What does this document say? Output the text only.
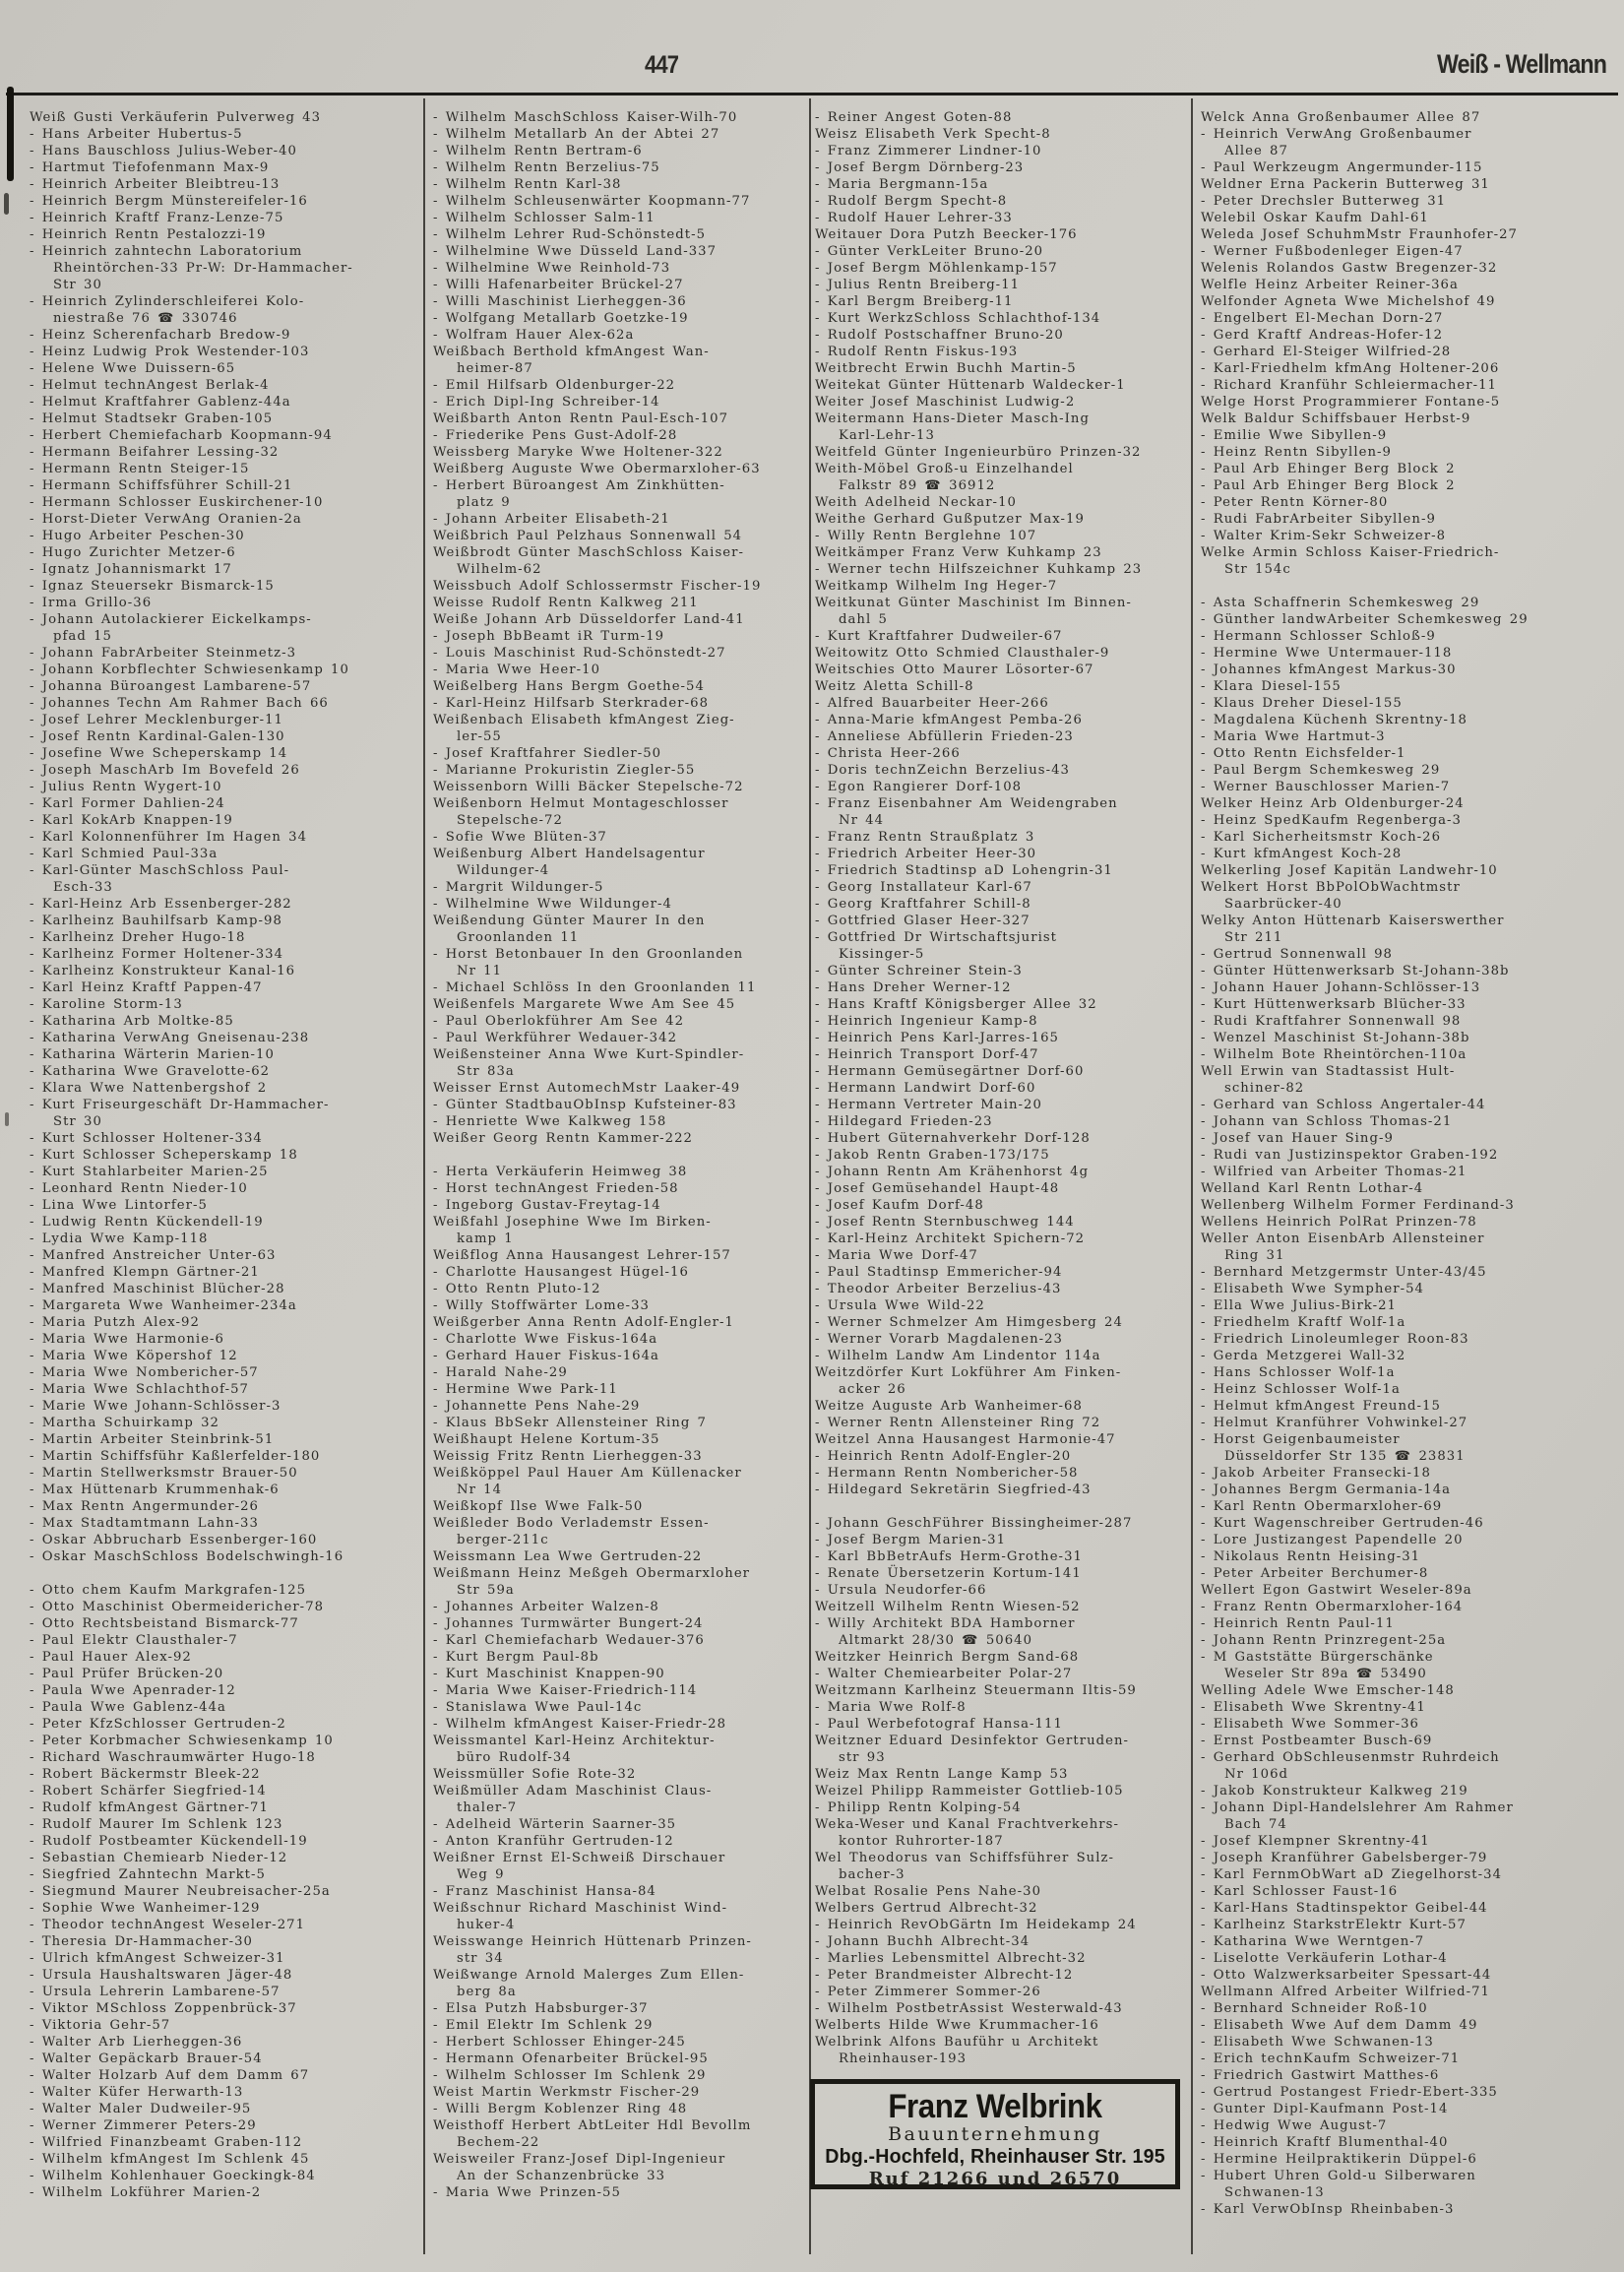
447	Weiß - Wellmann
Weiß Gusti Verkäuferin Pulverweg 43
- Hans Arbeiter Hubertus-5
- Hans Bauschloss Julius-Weber-40
- Hartmut Tiefofenmann Max-9
- Heinrich Arbeiter Bleibtreu-13
- Heinrich Bergm Münstereifeler-16
- Heinrich Kraftf Franz-Lenze-75
- Heinrich Rentn Pestalozzi-19
- Heinrich zahntechn Laboratorium
Rheintörchen-33 Pr-W: Dr-Hammacher-
Str 30
- Heinrich Zylinderschleiferei Kolo-
niestraße 76 ☎ 330746
- Heinz Scherenfacharb Bredow-9
- Heinz Ludwig Prok Westender-103
- Helene Wwe Duissern-65
- Helmut technAngest Berlak-4
- Helmut Kraftfahrer Gablenz-44a
- Helmut Stadtsekr Graben-105
- Herbert Chemiefacharb Koopmann-94
- Hermann Beifahrer Lessing-32
- Hermann Rentn Steiger-15
- Hermann Schiffsführer Schill-21
- Hermann Schlosser Euskirchener-10
- Horst-Dieter VerwAng Oranien-2a
- Hugo Arbeiter Peschen-30
- Hugo Zurichter Metzer-6
- Ignatz Johannismarkt 17
- Ignaz Steuersekr Bismarck-15
- Irma Grillo-36
- Johann Autolackierer Eickelkamps-
pfad 15
- Johann FabrArbeiter Steinmetz-3
- Johann Korbflechter Schwiesenkamp 10
- Johanna Büroangest Lambarene-57
- Johannes Techn Am Rahmer Bach 66
- Josef Lehrer Mecklenburger-11
- Josef Rentn Kardinal-Galen-130
- Josefine Wwe Scheperskamp 14
- Joseph MaschArb Im Bovefeld 26
- Julius Rentn Wygert-10
- Karl Former Dahlien-24
- Karl KokArb Knappen-19
- Karl Kolonnenführer Im Hagen 34
- Karl Schmied Paul-33a
- Karl-Günter MaschSchloss Paul-
Esch-33
- Karl-Heinz Arb Essenberger-282
- Karlheinz Bauhilfsarb Kamp-98
- Karlheinz Dreher Hugo-18
- Karlheinz Former Holtener-334
- Karlheinz Konstrukteur Kanal-16
- Karl Heinz Kraftf Pappen-47
- Karoline Storm-13
- Katharina Arb Moltke-85
- Katharina VerwAng Gneisenau-238
- Katharina Wärterin Marien-10
- Katharina Wwe Gravelotte-62
- Klara Wwe Nattenbergshof 2
- Kurt Friseurgeschäft Dr-Hammacher-
Str 30
- Kurt Schlosser Holtener-334
- Kurt Schlosser Scheperskamp 18
- Kurt Stahlarbeiter Marien-25
- Leonhard Rentn Nieder-10
- Lina Wwe Lintorfer-5
- Ludwig Rentn Kückendell-19
- Lydia Wwe Kamp-118
- Manfred Anstreicher Unter-63
- Manfred Klempn Gärtner-21
- Manfred Maschinist Blücher-28
- Margareta Wwe Wanheimer-234a
- Maria Putzh Alex-92
- Maria Wwe Harmonie-6
- Maria Wwe Köpershof 12
- Maria Wwe Nombericher-57
- Maria Wwe Schlachthof-57
- Marie Wwe Johann-Schlösser-3
- Martha Schuirkamp 32
- Martin Arbeiter Steinbrink-51
- Martin Schiffsführ Kaßlerfelder-180
- Martin Stellwerksmstr Brauer-50
- Max Hüttenarb Krummenhak-6
- Max Rentn Angermunder-26
- Max Stadtamtmann Lahn-33
- Oskar Abbrucharb Essenberger-160
- Oskar MaschSchloss Bodelschwingh-16
- Otto chem Kaufm Markgrafen-125
- Otto Maschinist Obermeidericher-78
- Otto Rechtsbeistand Bismarck-77
- Paul Elektr Clausthaler-7
- Paul Hauer Alex-92
- Paul Prüfer Brücken-20
- Paula Wwe Apenrader-12
- Paula Wwe Gablenz-44a
- Peter KfzSchlosser Gertruden-2
- Peter Korbmacher Schwiesenkamp 10
- Richard Waschraumwärter Hugo-18
- Robert Bäckermstr Bleek-22
- Robert Schärfer Siegfried-14
- Rudolf kfmAngest Gärtner-71
- Rudolf Maurer Im Schlenk 123
- Rudolf Postbeamter Kückendell-19
- Sebastian Chemiearb Nieder-12
- Siegfried Zahntechn Markt-5
- Siegmund Maurer Neubreisacher-25a
- Sophie Wwe Wanheimer-129
- Theodor technAngest Weseler-271
- Theresia Dr-Hammacher-30
- Ulrich kfmAngest Schweizer-31
- Ursula Haushaltswaren Jäger-48
- Ursula Lehrerin Lambarene-57
- Viktor MSchloss Zoppenbrück-37
- Viktoria Gehr-57
- Walter Arb Lierheggen-36
- Walter Gepäckarb Brauer-54
- Walter Holzarb Auf dem Damm 67
- Walter Küfer Herwarth-13
- Walter Maler Dudweiler-95
- Werner Zimmerer Peters-29
- Wilfried Finanzbeamt Graben-112
- Wilhelm kfmAngest Im Schlenk 45
- Wilhelm Kohlenhauer Goeckingk-84
- Wilhelm Lokführer Marien-2
- Wilhelm MaschSchloss Kaiser-Wilh-70
- Wilhelm Metallarb An der Abtei 27
- Wilhelm Rentn Bertram-6
- Wilhelm Rentn Berzelius-75
- Wilhelm Rentn Karl-38
- Wilhelm Schleusenwärter Koopmann-77
- Wilhelm Schlosser Salm-11
- Wilhelm Lehrer Rud-Schönstedt-5
- Wilhelmine Wwe Düsseld Land-337
- Wilhelmine Wwe Reinhold-73
- Willi Hafenarbeiter Brückel-27
- Willi Maschinist Lierheggen-36
- Wolfgang Metallarb Goetzke-19
- Wolfram Hauer Alex-62a
Weißbach Berthold kfmAngest Wan-
heimer-87
- Emil Hilfsarb Oldenburger-22
- Erich Dipl-Ing Schreiber-14
Weißbarth Anton Rentn Paul-Esch-107
- Friederike Pens Gust-Adolf-28
Weissberg Maryke Wwe Holtener-322
Weißberg Auguste Wwe Obermarxloher-63
- Herbert Büroangest Am Zinkhütten-
platz 9
- Johann Arbeiter Elisabeth-21
Weißbrich Paul Pelzhaus Sonnenwall 54
Weißbrodt Günter MaschSchloss Kaiser-
Wilhelm-62
Weissbuch Adolf Schlossermstr Fischer-19
Weisse Rudolf Rentn Kalkweg 211
Weiße Johann Arb Düsseldorfer Land-41
- Joseph BbBeamt iR Turm-19
- Louis Maschinist Rud-Schönstedt-27
- Maria Wwe Heer-10
Weißelberg Hans Bergm Goethe-54
- Karl-Heinz Hilfsarb Sterkrader-68
Weißenbach Elisabeth kfmAngest Zieg-
ler-55
- Josef Kraftfahrer Siedler-50
- Marianne Prokuristin Ziegler-55
Weissenborn Willi Bäcker Stepelsche-72
Weißenborn Helmut Montageschlosser
Stepelsche-72
- Sofie Wwe Blüten-37
Weißenburg Albert Handelsagentur
Wildunger-4
- Margrit Wildunger-5
- Wilhelmine Wwe Wildunger-4
Weißendung Günter Maurer In den
Groonlanden 11
- Horst Betonbauer In den Groonlanden
Nr 11
- Michael Schlöss In den Groonlanden 11
Weißenfels Margarete Wwe Am See 45
- Paul Oberlokführer Am See 42
- Paul Werkführer Wedauer-342
Weißensteiner Anna Wwe Kurt-Spindler-
Str 83a
Weisser Ernst AutomechMstr Laaker-49
- Günter StadtbauObInsp Kufsteiner-83
- Henriette Wwe Kalkweg 158
Weißer Georg Rentn Kammer-222
- Herta Verkäuferin Heimweg 38
- Horst technAngest Frieden-58
- Ingeborg Gustav-Freytag-14
Weißfahl Josephine Wwe Im Birken-
kamp 1
Weißflog Anna Hausangest Lehrer-157
- Charlotte Hausangest Hügel-16
- Otto Rentn Pluto-12
- Willy Stoffwärter Lome-33
Weißgerber Anna Rentn Adolf-Engler-1
- Charlotte Wwe Fiskus-164a
- Gerhard Hauer Fiskus-164a
- Harald Nahe-29
- Hermine Wwe Park-11
- Johannette Pens Nahe-29
- Klaus BbSekr Allensteiner Ring 7
Weißhaupt Helene Kortum-35
Weissig Fritz Rentn Lierheggen-33
Weißköppel Paul Hauer Am Küllenacker
Nr 14
Weißkopf Ilse Wwe Falk-50
Weißleder Bodo Verlademstr Essen-
berger-211c
Weissmann Lea Wwe Gertruden-22
Weißmann Heinz Meßgeh Obermarxloher
Str 59a
- Johannes Arbeiter Walzen-8
- Johannes Turmwärter Bungert-24
- Karl Chemiefacharb Wedauer-376
- Kurt Bergm Paul-8b
- Kurt Maschinist Knappen-90
- Maria Wwe Kaiser-Friedrich-114
- Stanislawa Wwe Paul-14c
- Wilhelm kfmAngest Kaiser-Friedr-28
Weissmantel Karl-Heinz Architektur-
büro Rudolf-34
Weissmüller Sofie Rote-32
Weißmüller Adam Maschinist Claus-
thaler-7
- Adelheid Wärterin Saarner-35
- Anton Kranführ Gertruden-12
Weißner Ernst El-Schweiß Dirschauer
Weg 9
- Franz Maschinist Hansa-84
Weißschnur Richard Maschinist Wind-
huker-4
Weisswange Heinrich Hüttenarb Prinzen-
str 34
Weißwange Arnold Malerges Zum Ellen-
berg 8a
- Elsa Putzh Habsburger-37
- Emil Elektr Im Schlenk 29
- Herbert Schlosser Ehinger-245
- Hermann Ofenarbeiter Brückel-95
- Wilhelm Schlosser Im Schlenk 29
Weist Martin Werkmstr Fischer-29
- Willi Bergm Koblenzer Ring 48
Weisthoff Herbert AbtLeiter Hdl Bevollm
Bechem-22
Weisweiler Franz-Josef Dipl-Ingenieur
An der Schanzenbrücke 33
- Maria Wwe Prinzen-55
- Reiner Angest Goten-88
Weisz Elisabeth Verk Specht-8
- Franz Zimmerer Lindner-10
- Josef Bergm Dörnberg-23
- Maria Bergmann-15a
- Rudolf Bergm Specht-8
- Rudolf Hauer Lehrer-33
Weitauer Dora Putzh Beecker-176
- Günter VerkLeiter Bruno-20
- Josef Bergm Möhlenkamp-157
- Julius Rentn Breiberg-11
- Karl Bergm Breiberg-11
- Kurt WerkzSchloss Schlachthof-134
- Rudolf Postschaffner Bruno-20
- Rudolf Rentn Fiskus-193
Weitbrecht Erwin Buchh Martin-5
Weitekat Günter Hüttenarb Waldecker-1
Weiter Josef Maschinist Ludwig-2
Weitermann Hans-Dieter Masch-Ing
Karl-Lehr-13
Weitfeld Günter Ingenieurbüro Prinzen-32
Weith-Möbel Groß-u Einzelhandel
Falkstr 89 ☎ 36912
Weith Adelheid Neckar-10
Weithe Gerhard Gußputzer Max-19
- Willy Rentn Berglehne 107
Weitkämper Franz Verw Kuhkamp 23
- Werner techn Hilfszeichner Kuhkamp 23
Weitkamp Wilhelm Ing Heger-7
Weitkunat Günter Maschinist Im Binnen-
dahl 5
- Kurt Kraftfahrer Dudweiler-67
Weitowitz Otto Schmied Clausthaler-9
Weitschies Otto Maurer Lösorter-67
Weitz Aletta Schill-8
- Alfred Bauarbeiter Heer-266
- Anna-Marie kfmAngest Pemba-26
- Anneliese Abfüllerin Frieden-23
- Christa Heer-266
- Doris technZeichn Berzelius-43
- Egon Rangierer Dorf-108
- Franz Eisenbahner Am Weidengraben
Nr 44
- Franz Rentn Straußplatz 3
- Friedrich Arbeiter Heer-30
- Friedrich Stadtinsp aD Lohengrin-31
- Georg Installateur Karl-67
- Georg Kraftfahrer Schill-8
- Gottfried Glaser Heer-327
- Gottfried Dr Wirtschaftsjurist
Kissinger-5
- Günter Schreiner Stein-3
- Hans Dreher Werner-12
- Hans Kraftf Königsberger Allee 32
- Heinrich Ingenieur Kamp-8
- Heinrich Pens Karl-Jarres-165
- Heinrich Transport Dorf-47
- Hermann Gemüsegärtner Dorf-60
- Hermann Landwirt Dorf-60
- Hermann Vertreter Main-20
- Hildegard Frieden-23
- Hubert Güternahverkehr Dorf-128
- Jakob Rentn Graben-173/175
- Johann Rentn Am Krähenhorst 4g
- Josef Gemüsehandel Haupt-48
- Josef Kaufm Dorf-48
- Josef Rentn Sternbuschweg 144
- Karl-Heinz Architekt Spichern-72
- Maria Wwe Dorf-47
- Paul Stadtinsp Emmericher-94
- Theodor Arbeiter Berzelius-43
- Ursula Wwe Wild-22
- Werner Schmelzer Am Himgesberg 24
- Werner Vorarb Magdalenen-23
- Wilhelm Landw Am Lindentor 114a
Weitzdörfer Kurt Lokführer Am Finken-
acker 26
Weitze Auguste Arb Wanheimer-68
- Werner Rentn Allensteiner Ring 72
Weitzel Anna Hausangest Harmonie-47
- Heinrich Rentn Adolf-Engler-20
- Hermann Rentn Nombericher-58
- Hildegard Sekretärin Siegfried-43
- Johann GeschFührer Bissingheimer-287
- Josef Bergm Marien-31
- Karl BbBetrAufs Herm-Grothe-31
- Renate Übersetzerin Kortum-141
- Ursula Neudorfer-66
Weitzell Wilhelm Rentn Wiesen-52
- Willy Architekt BDA Hamborner
Altmarkt 28/30 ☎ 50640
Weitzker Heinrich Bergm Sand-68
- Walter Chemiearbeiter Polar-27
Weitzmann Karlheinz Steuermann Iltis-59
- Maria Wwe Rolf-8
- Paul Werbefotograf Hansa-111
Weitzner Eduard Desinfektor Gertruden-
str 93
Weiz Max Rentn Lange Kamp 53
Weizel Philipp Rammeister Gottlieb-105
- Philipp Rentn Kolping-54
Weka-Weser und Kanal Frachtverkehrs-
kontor Ruhrorter-187
Wel Theodorus van Schiffsführer Sulz-
bacher-3
Welbat Rosalie Pens Nahe-30
Welbers Gertrud Albrecht-32
- Heinrich RevObGärtn Im Heidekamp 24
- Johann Buchh Albrecht-34
- Marlies Lebensmittel Albrecht-32
- Peter Brandmeister Albrecht-12
- Peter Zimmerer Sommer-26
- Wilhelm PostbetrAssist Westerwald-43
Welberts Hilde Wwe Krummacher-16
Welbrink Alfons Bauführ u Architekt
Rheinhauser-193
Welck Anna Großenbaumer Allee 87
- Heinrich VerwAng Großenbaumer
Allee 87
- Paul Werkzeugm Angermunder-115
Weldner Erna Packerin Butterweg 31
- Peter Drechsler Butterweg 31
Welebil Oskar Kaufm Dahl-61
Weleda Josef SchuhmMstr Fraunhofer-27
- Werner Fußbodenleger Eigen-47
Welenis Rolandos Gastw Bregenzer-32
Welfle Heinz Arbeiter Reiner-36a
Welfonder Agneta Wwe Michelshof 49
- Engelbert El-Mechan Dorn-27
- Gerd Kraftf Andreas-Hofer-12
- Gerhard El-Steiger Wilfried-28
- Karl-Friedhelm kfmAng Holtener-206
- Richard Kranführ Schleiermacher-11
Welge Horst Programmierer Fontane-5
Welk Baldur Schiffsbauer Herbst-9
- Emilie Wwe Sibyllen-9
- Heinz Rentn Sibyllen-9
- Paul Arb Ehinger Berg Block 2
- Paul Arb Ehinger Berg Block 2
- Peter Rentn Körner-80
- Rudi FabrArbeiter Sibyllen-9
- Walter Krim-Sekr Schweizer-8
Welke Armin Schloss Kaiser-Friedrich-
Str 154c
- Asta Schaffnerin Schemkesweg 29
- Günther landwArbeiter Schemkesweg 29
- Hermann Schlosser Schloß-9
- Hermine Wwe Untermauer-118
- Johannes kfmAngest Markus-30
- Klara Diesel-155
- Klaus Dreher Diesel-155
- Magdalena Küchenh Skrentny-18
- Maria Wwe Hartmut-3
- Otto Rentn Eichsfelder-1
- Paul Bergm Schemkesweg 29
- Werner Bauschlosser Marien-7
Welker Heinz Arb Oldenburger-24
- Heinz SpedKaufm Regenberga-3
- Karl Sicherheitsmstr Koch-26
- Kurt kfmAngest Koch-28
Welkerling Josef Kapitän Landwehr-10
Welkert Horst BbPolObWachtmstr
Saarbrücker-40
Welky Anton Hüttenarb Kaiserswerther
Str 211
- Gertrud Sonnenwall 98
- Günter Hüttenwerksarb St-Johann-38b
- Johann Hauer Johann-Schlösser-13
- Kurt Hüttenwerksarb Blücher-33
- Rudi Kraftfahrer Sonnenwall 98
- Wenzel Maschinist St-Johann-38b
- Wilhelm Bote Rheintörchen-110a
Well Erwin van Stadtassist Hult-
schiner-82
- Gerhard van Schloss Angertaler-44
- Johann van Schloss Thomas-21
- Josef van Hauer Sing-9
- Rudi van Justizinspektor Graben-192
- Wilfried van Arbeiter Thomas-21
Welland Karl Rentn Lothar-4
Wellenberg Wilhelm Former Ferdinand-3
Wellens Heinrich PolRat Prinzen-78
Weller Anton EisenbArb Allensteiner
Ring 31
- Bernhard Metzgermstr Unter-43/45
- Elisabeth Wwe Sympher-54
- Ella Wwe Julius-Birk-21
- Friedhelm Kraftf Wolf-1a
- Friedrich Linoleumleger Roon-83
- Gerda Metzgerei Wall-32
- Hans Schlosser Wolf-1a
- Heinz Schlosser Wolf-1a
- Helmut kfmAngest Freund-15
- Helmut Kranführer Vohwinkel-27
- Horst Geigenbaumeister
Düsseldorfer Str 135 ☎ 23831
- Jakob Arbeiter Fransecki-18
- Johannes Bergm Germania-14a
- Karl Rentn Obermarxloher-69
- Kurt Wagenschreiber Gertruden-46
- Lore Justizangest Papendelle 20
- Nikolaus Rentn Heising-31
- Peter Arbeiter Berchumer-8
Wellert Egon Gastwirt Weseler-89a
- Franz Rentn Obermarxloher-164
- Heinrich Rentn Paul-11
- Johann Rentn Prinzregent-25a
- M Gaststätte Bürgerschänke
Weseler Str 89a ☎ 53490
Welling Adele Wwe Emscher-148
- Elisabeth Wwe Skrentny-41
- Elisabeth Wwe Sommer-36
- Ernst Postbeamter Busch-69
- Gerhard ObSchleusenmstr Ruhrdeich
Nr 106d
- Jakob Konstrukteur Kalkweg 219
- Johann Dipl-Handelslehrer Am Rahmer
Bach 74
- Josef Klempner Skrentny-41
- Joseph Kranführer Gabelsberger-79
- Karl FernmObWart aD Ziegelhorst-34
- Karl Schlosser Faust-16
- Karl-Hans Stadtinspektor Geibel-44
- Karlheinz StarkstrElektr Kurt-57
- Katharina Wwe Werntgen-7
- Liselotte Verkäuferin Lothar-4
- Otto Walzwerksarbeiter Spessart-44
Wellmann Alfred Arbeiter Wilfried-71
- Bernhard Schneider Roß-10
- Elisabeth Wwe Auf dem Damm 49
- Elisabeth Wwe Schwanen-13
- Erich technKaufm Schweizer-71
- Friedrich Gastwirt Matthes-6
- Gertrud Postangest Friedr-Ebert-335
- Gunter Dipl-Kaufmann Post-14
- Hedwig Wwe August-7
- Heinrich Kraftf Blumenthal-40
- Hermine Heilpraktikerin Düppel-6
- Hubert Uhren Gold-u Silberwaren
Schwanen-13
- Karl VerwObInsp Rheinbaben-3
Franz Welbrink
Bauunternehmung
Dbg.-Hochfeld, Rheinhauser Str. 195
Ruf 21266 und 26570
